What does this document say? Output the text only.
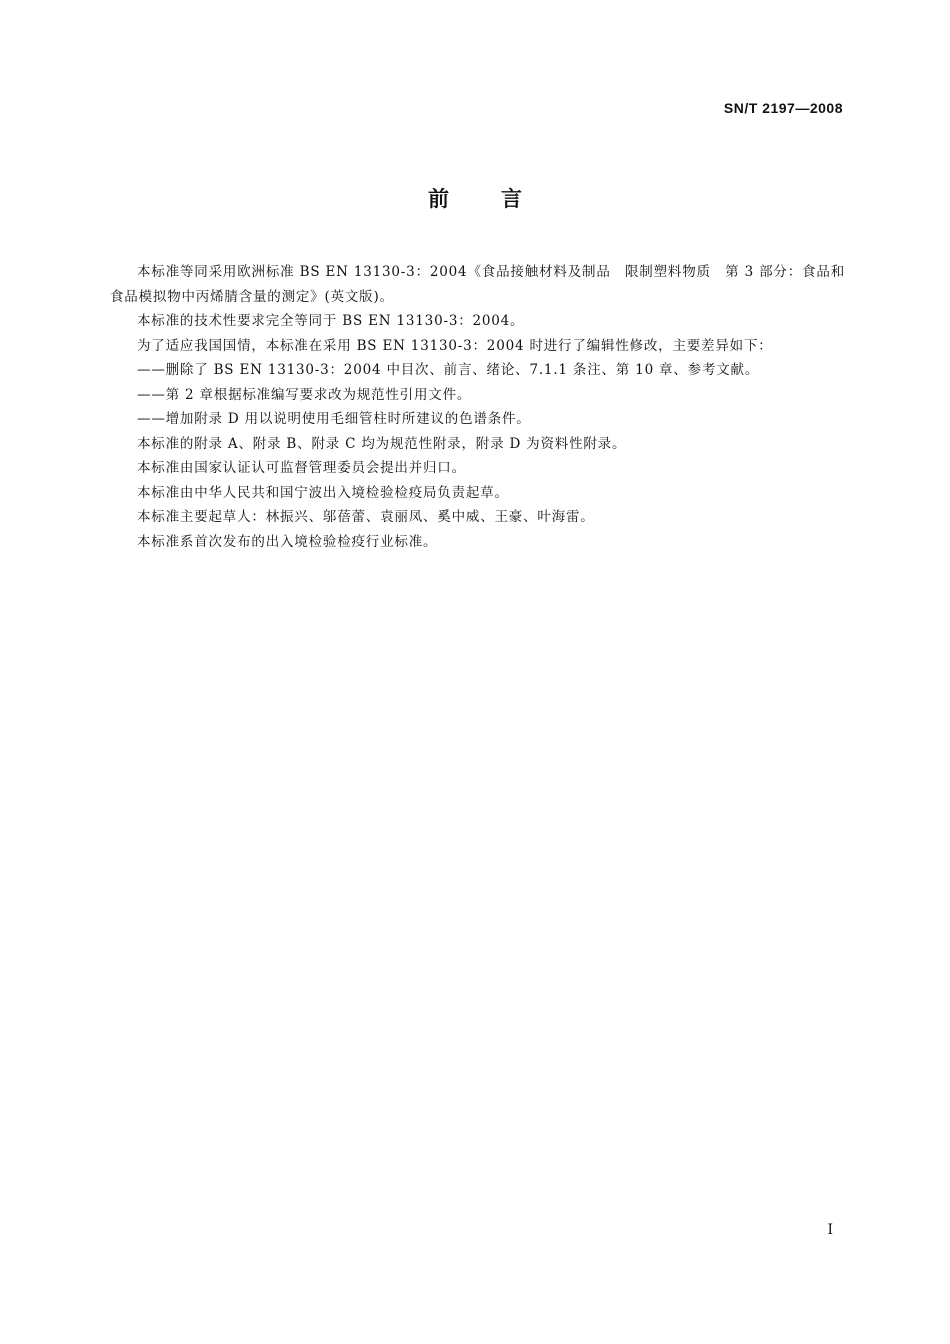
SN/T 2197—2008
前 言

本标准等同采用欧洲标准 BS EN 13130-3：2004《食品接触材料及制品　限制塑料物质　第 3 部分：食品和食品模拟物中丙烯腈含量的测定》(英文版)。

本标准的技术性要求完全等同于 BS EN 13130-3：2004。

为了适应我国国情，本标准在采用 BS EN 13130-3：2004 时进行了编辑性修改，主要差异如下：

——删除了 BS EN 13130-3：2004 中目次、前言、绪论、7.1.1 条注、第 10 章、参考文献。

——第 2 章根据标准编写要求改为规范性引用文件。

——增加附录 D 用以说明使用毛细管柱时所建议的色谱条件。

本标准的附录 A、附录 B、附录 C 均为规范性附录，附录 D 为资料性附录。

本标准由国家认证认可监督管理委员会提出并归口。

本标准由中华人民共和国宁波出入境检验检疫局负责起草。

本标准主要起草人：林振兴、邬蓓蕾、袁丽凤、奚中威、王豪、叶海雷。

本标准系首次发布的出入境检验检疫行业标准。

I
